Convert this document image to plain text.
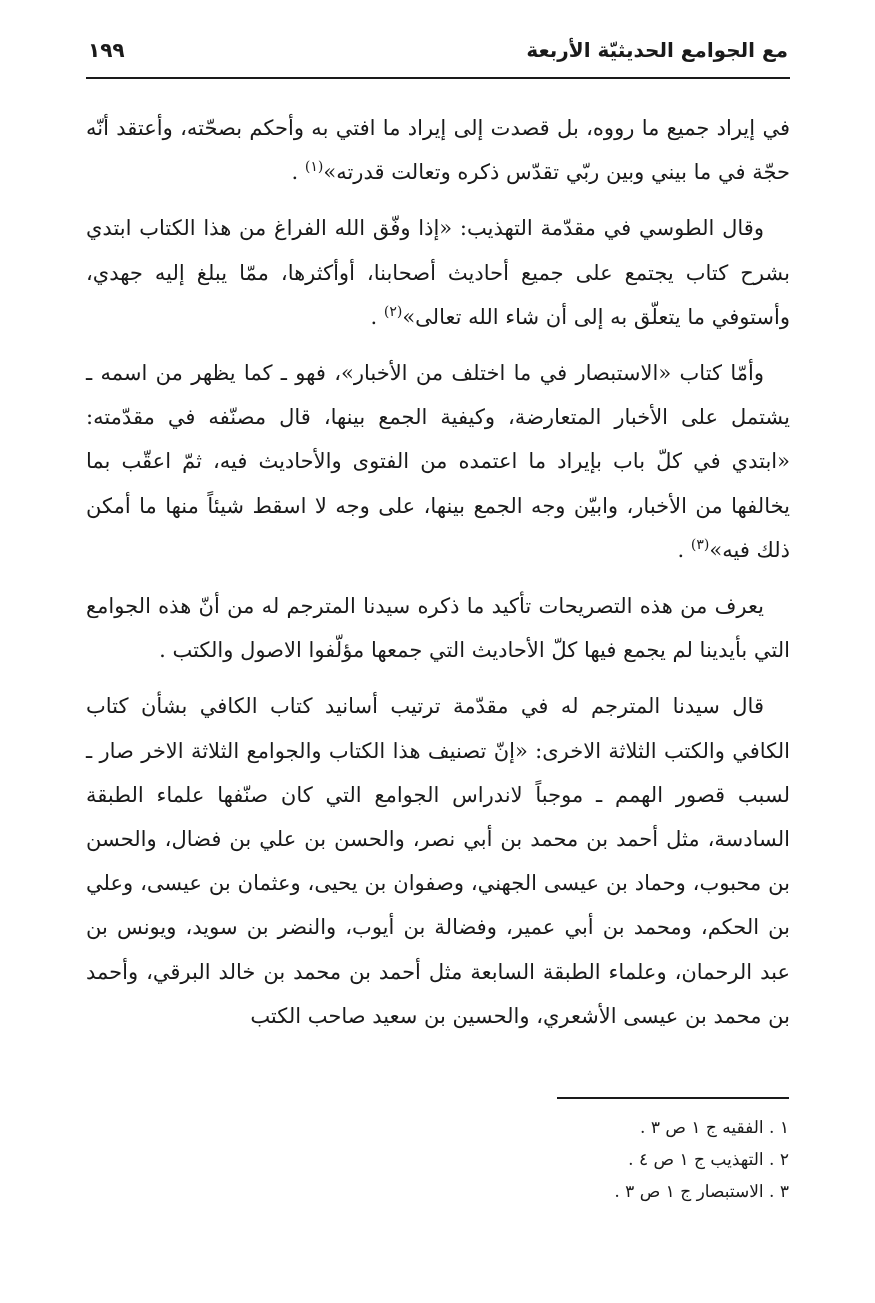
مع الجوامع الحديثيّة الأربعة
١٩٩

في إيراد جميع ما رووه، بل قصدت إلى إيراد ما افتي به وأحكم بصحّته، وأعتقد أنّه حجّة في ما بيني وبين ربّي تقدّس ذكره وتعالت قدرته»$^{(١)}$ .

وقال الطوسي في مقدّمة التهذيب: «إذا وفّق الله الفراغ من هذا الكتاب ابتدي بشرح كتاب يجتمع على جميع أحاديث أصحابنا، أوأكثرها، ممّا يبلغ إليه جهدي، وأستوفي ما يتعلّق به إلى أن شاء الله تعالى»$^{(٢)}$ .

وأمّا كتاب «الاستبصار في ما اختلف من الأخبار»، فهو ـ كما يظهر من اسمه ـ يشتمل على الأخبار المتعارضة، وكيفية الجمع بينها، قال مصنّفه في مقدّمته: «ابتدي في كلّ باب بإيراد ما اعتمده من الفتوى والأحاديث فيه، ثمّ اعقّب بما يخالفها من الأخبار، وابيّن وجه الجمع بينها، على وجه لا اسقط شيئاً منها ما أمكن ذلك فيه»$^{(٣)}$ .

يعرف من هذه التصريحات تأكيد ما ذكره سيدنا المترجم له من أنّ هذه الجوامع التي بأيدينا لم يجمع فيها كلّ الأحاديث التي جمعها مؤلّفوا الاصول والكتب .

قال سيدنا المترجم له في مقدّمة ترتيب أسانيد كتاب الكافي بشأن كتاب الكافي والكتب الثلاثة الاخرى: «إنّ تصنيف هذا الكتاب والجوامع الثلاثة الاخر صار ـ لسبب قصور الهمم ـ موجباً لاندراس الجوامع التي كان صنّفها علماء الطبقة السادسة، مثل أحمد بن محمد بن أبي نصر، والحسن بن علي بن فضال، والحسن بن محبوب، وحماد بن عيسى الجهني، وصفوان بن يحيى، وعثمان بن عيسى، وعلي بن الحكم، ومحمد بن أبي عمير، وفضالة بن أيوب، والنضر بن سويد، ويونس بن عبد الرحمان، وعلماء الطبقة السابعة مثل أحمد بن محمد بن خالد البرقي، وأحمد بن محمد بن عيسى الأشعري، والحسين بن سعيد صاحب الكتب

١ . الفقيه ج ١ ص ٣ .
٢ . التهذيب ج ١ ص ٤ .
٣ . الاستبصار ج ١ ص ٣ .
